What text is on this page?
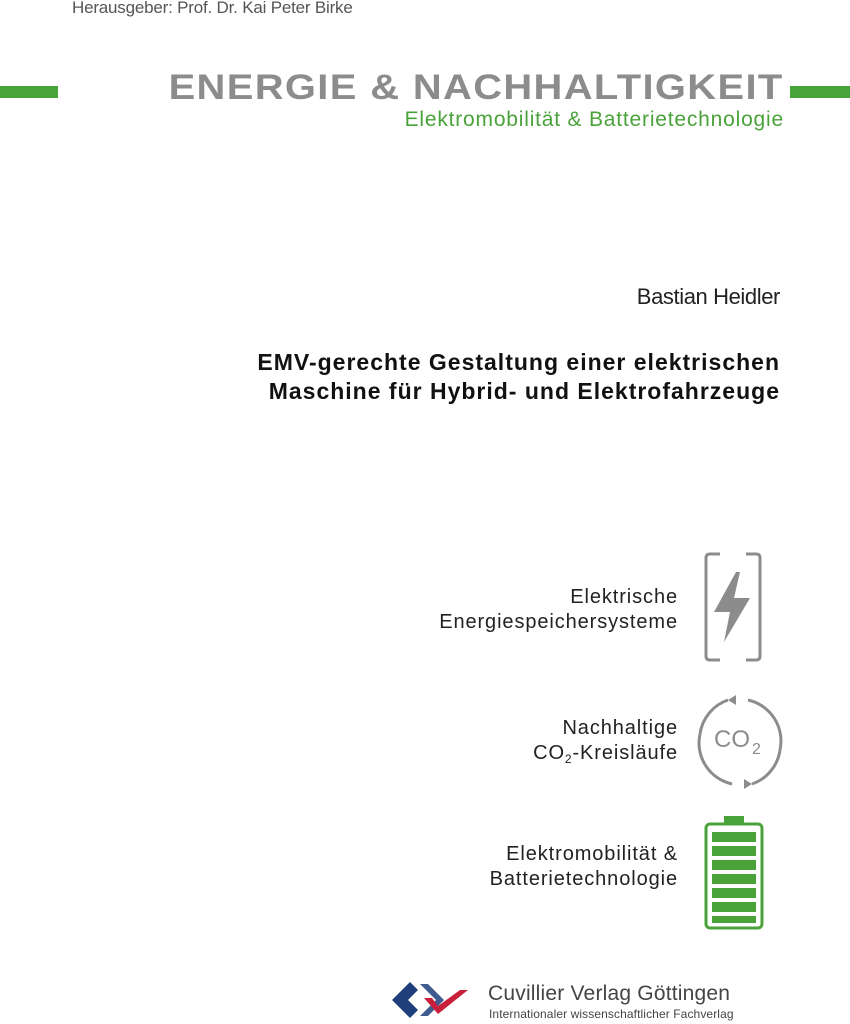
Herausgeber: Prof. Dr. Kai Peter Birke
ENERGIE & NACHHALTIGKEIT
Elektromobilität & Batterietechnologie
Bastian Heidler
EMV-gerechte Gestaltung einer elektrischen
Maschine für Hybrid- und Elektrofahrzeuge
Elektrische
Energiespeichersysteme
Nachhaltige
$CO_2$-Kreisläufe CO 2
Elektromobilität &
Batterietechnologie
Cuvillier Verlag Göttingen
Internationaler wissenschaftlicher Fachverlag
